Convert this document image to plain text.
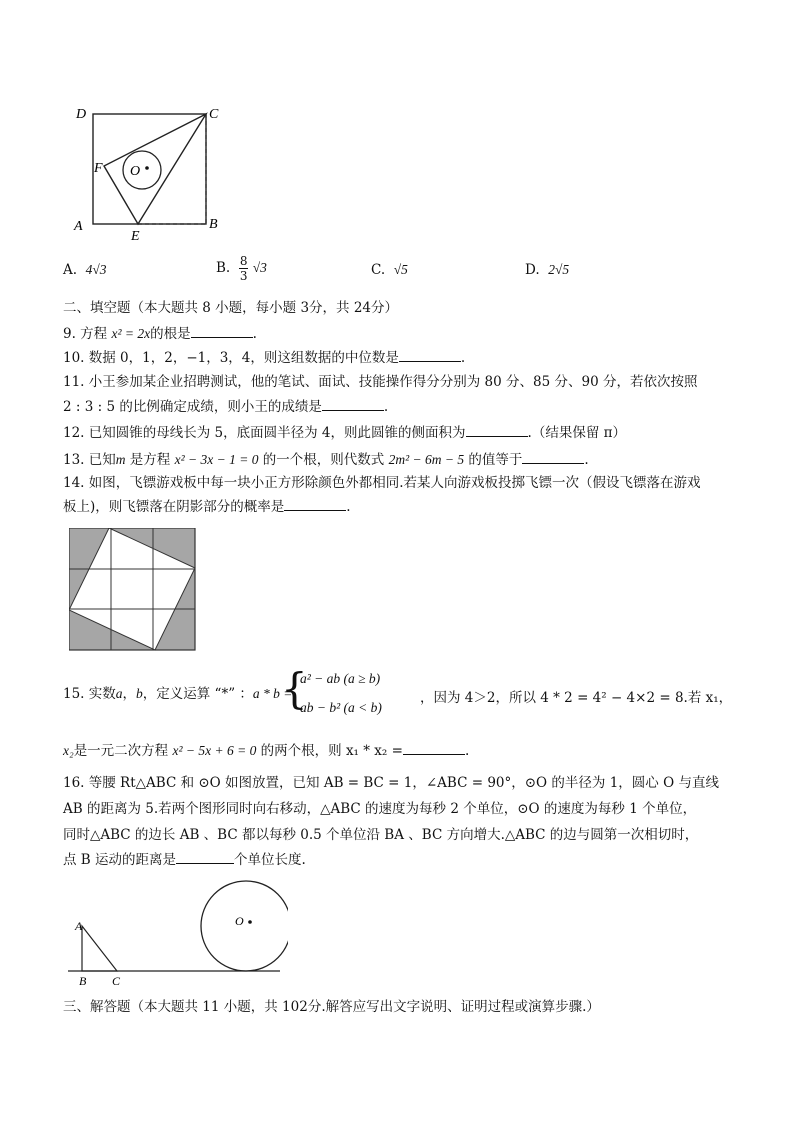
D	C
F O
A
E
B
A. 4√3	B. $\frac{8}{3} √3$	C. √5	D. 2√5
二、填空题（本大题共 8 小题，每小题 3分，共 24分）
9. 方程 x² = 2x的根是	.
10. 数据 0，1，2，−1，3，4，则这组数据的中位数是	.
11. 小王参加某企业招聘测试，他的笔试、面试、技能操作得分分别为 80 分、85 分、90 分，若依次按照
2 : 3 : 5 的比例确定成绩，则小王的成绩是	.
12. 已知圆锥的母线长为 5，底面圆半径为 4，则此圆锥的侧面积为	.（结果保留 π）
13. 已知m 是方程 x² − 3x − 1 = 0 的一个根，则代数式 2m² − 6m − 5 的值等于	.
14. 如图，飞镖游戏板中每一块小正方形除颜色外都相同.若某人向游戏板投掷飞镖一次（假设飞镖落在游戏
板上)，则飞镖落在阴影部分的概率是	.
15. 实数a，b，定义运算 “*” ：a * b =
{
a² − ab (a ≥ b)
ab − b² (a < b)
，因为 4＞2，所以 4 * 2 = 4² − 4×2 = 8.若 x₁，
x₂是一元二次方程 x² − 5x + 6 = 0 的两个根，则 x₁ * x₂ =	.
16. 等腰 Rt△ABC 和 ⊙O 如图放置，已知 AB = BC = 1，∠ABC = 90°，⊙O 的半径为 1，圆心 O 与直线
AB 的距离为 5.若两个图形同时向右移动，△ABC 的速度为每秒 2 个单位，⊙O 的速度为每秒 1 个单位，
同时△ABC 的边长 AB 、BC 都以每秒 0.5 个单位沿 BA 、BC 方向增大.△ABC 的边与圆第一次相切时，
点 B 运动的距离是	个单位长度.
A
B C
O
三、解答题（本大题共 11 小题，共 102分.解答应写出文字说明、证明过程或演算步骤.）
